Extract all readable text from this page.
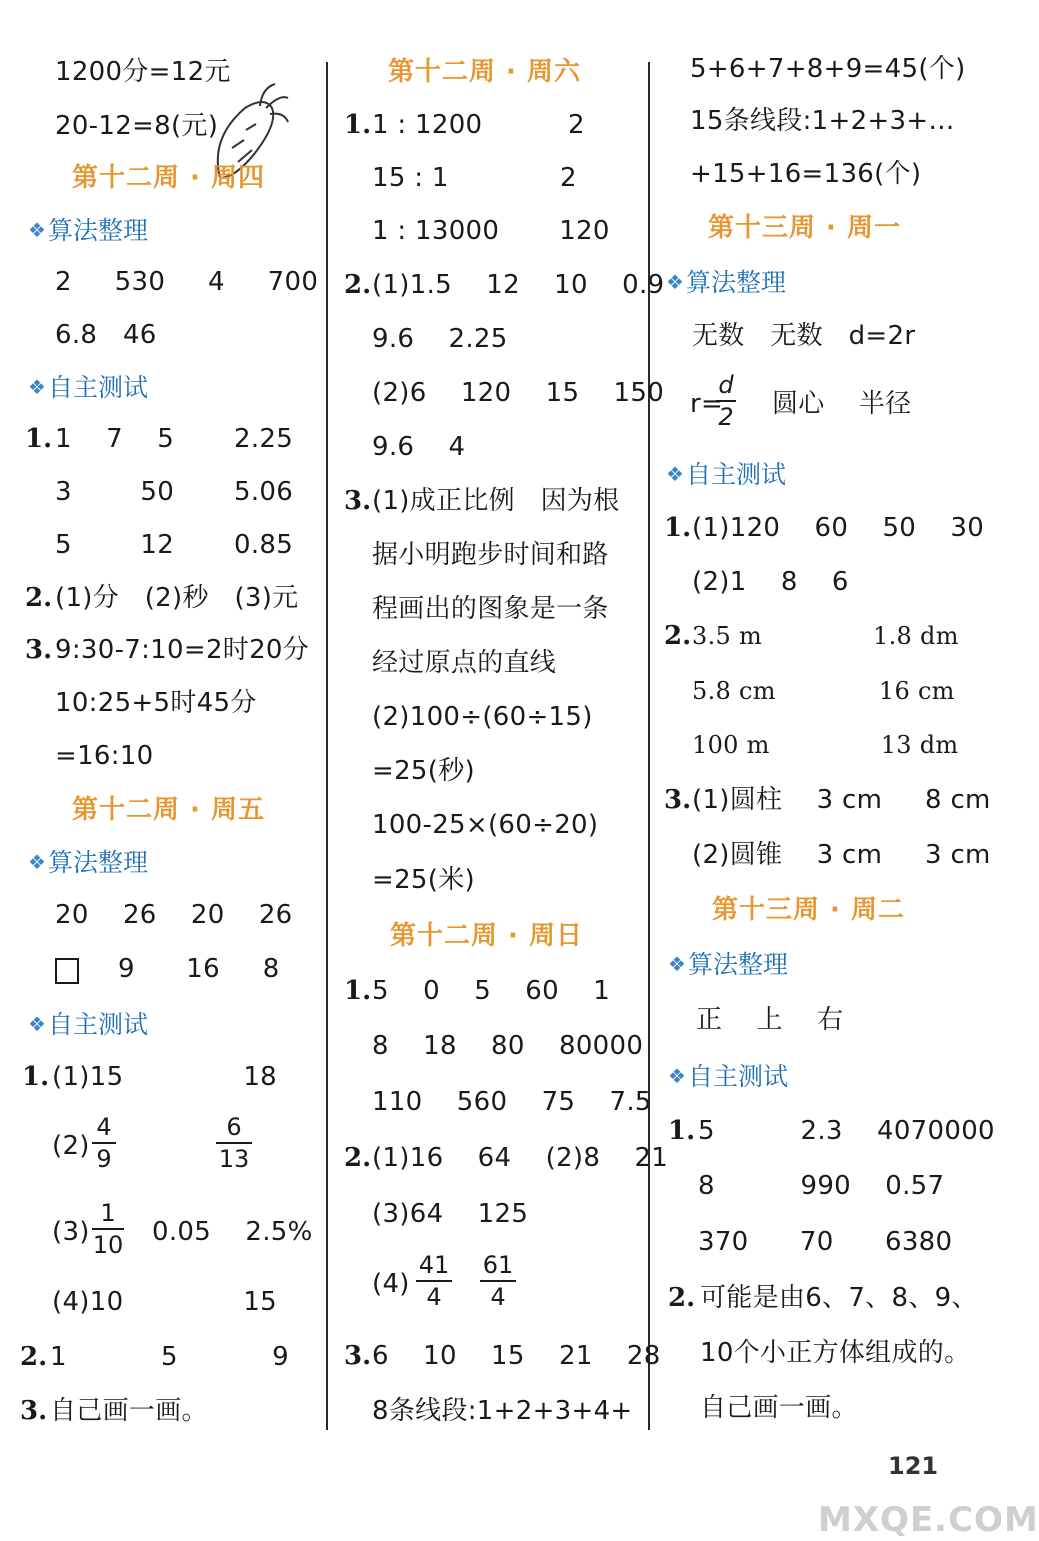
1200分=12元
20-12=8(元)
第十二周 · 周四
❖算法整理
2     530     4     700
6.8   46
❖自主测试
1. 1    7    5       2.25
3        50       5.06
5        12       0.85
2. (1)分   (2)秒   (3)元
3. 9:30-7:10=2时20分
10:25+5时45分
=16:10
第十二周 · 周五
❖算法整理
20    26    20    26
9      16     8
❖自主测试
1. (1)15              18
(2)
4
9
6
13
(3)
1
10 0.05    2.5%
(4)10              15
2. 1           5           9
3. 自己画一画。
第十二周 · 周六
1. 1 : 1200          2
15 : 1             2
1 : 13000       120
2. (1)1.5    12    10    0.9
9.6    2.25
(2)6    120    15    150
9.6    4
3. (1)成正比例   因为根
据小明跑步时间和路
程画出的图象是一条
经过原点的直线
(2)100÷(60÷15)
=25(秒)
100-25×(60÷20)
=25(米)
第十二周 · 周日
1. 5    0    5    60    1
8    18    80    80000
110    560    75    7.5
2. (1)16    64    (2)8    21
(3)64    125
(4)
41
4
61
4
3. 6    10    15    21    28
8条线段:1+2+3+4+
5+6+7+8+9=45(个)
15条线段:1+2+3+…
+15+16=136(个)
第十三周 · 周一
❖算法整理
无数   无数   d=2r
r=
d
2 圆心    半径
❖自主测试
1. (1)120    60    50    30
(2)1    8    6
2. 3.5 m              1.8 dm
5.8 cm             16 cm
100 m              13 dm
3. (1)圆柱    3 cm     8 cm
(2)圆锥    3 cm     3 cm
第十三周 · 周二
❖算法整理
正    上    右
❖自主测试
1. 5          2.3    4070000
8          990    0.57
370      70      6380
2. 可能是由6、7、8、9、
10个小正方体组成的。
自己画一画。
121
MXQE.COM
